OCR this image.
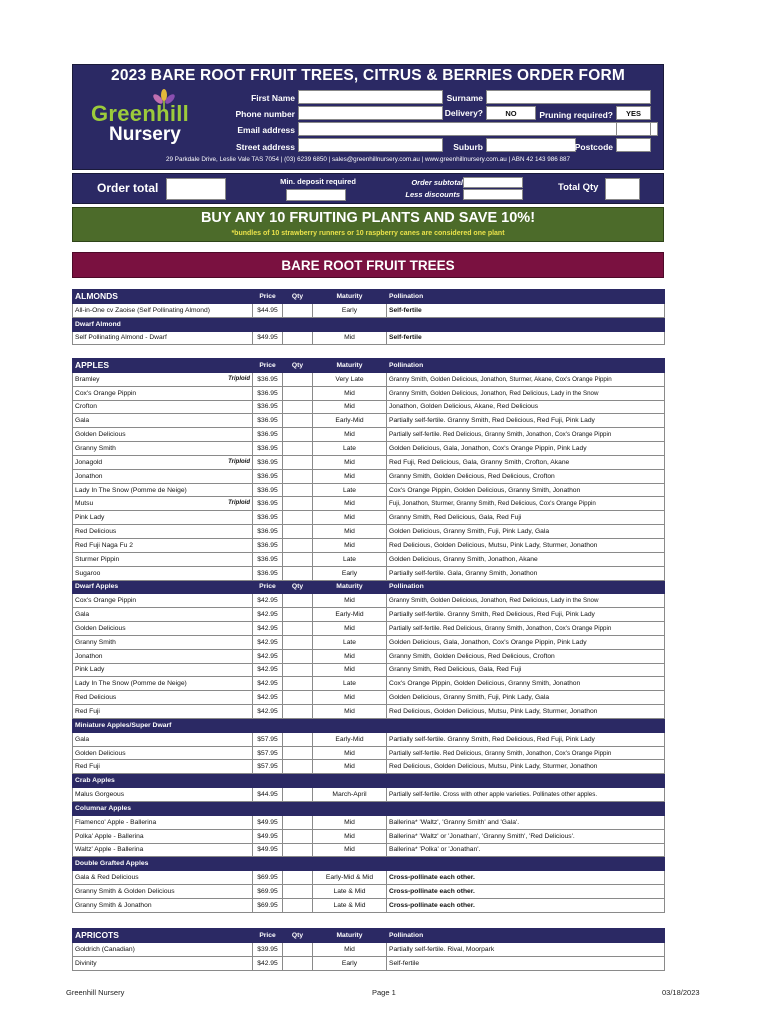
2023 BARE ROOT FRUIT TREES, CITRUS & BERRIES ORDER FORM
Greenhill
Nursery
First Name
Phone number
Email address
Street address
Surname
Delivery?	NO	Pruning required?	YES
*Terms & conditions?
Suburb	Postcode
29 Parkdale Drive, Leslie Vale TAS 7054 | (03) 6239 6850 | sales@greenhillnursery.com.au | www.greenhillnursery.com.au | ABN 42 143 986 887
Order total	Min. deposit required	Order subtotal
Less discounts
Total Qty
BUY ANY 10 FRUITING PLANTS AND SAVE 10%!
*bundles of 10 strawberry runners or 10 raspberry canes are considered one plant
BARE ROOT FRUIT TREES
ALMONDS	Price	Qty	Maturity	Pollination
All-in-One cv Zaoise (Self Pollinating Almond)	$44.95		Early	Self-fertile
Dwarf Almond				
Self Pollinating Almond - Dwarf	$49.95		Mid	Self-fertile
APPLES	Price	Qty	Maturity	Pollination
Bramley Triploid	$36.95		Very Late	Granny Smith, Golden Delicious, Jonathon, Sturmer, Akane, Cox's Orange Pippin
Cox's Orange Pippin	$36.95		Mid	Granny Smith, Golden Delicious, Jonathon, Red Delicious, Lady in the Snow
Crofton	$36.95		Mid	Jonathon, Golden Delicious, Akane, Red Delicious
Gala	$36.95		Early-Mid	Partially self-fertile. Granny Smith, Red Delicious, Red Fuji, Pink Lady
Golden Delicious	$36.95		Mid	Partially self-fertile. Red Delicious, Granny Smith, Jonathon, Cox's Orange Pippin
Granny Smith	$36.95		Late	Golden Delicious, Gala, Jonathon, Cox's Orange Pippin, Pink Lady
Jonagold Triploid	$36.95		Mid	Red Fuji, Red Delicious, Gala, Granny Smith, Crofton, Akane
Jonathon	$36.95		Mid	Granny Smith, Golden Delicious, Red Delicious, Crofton
Lady In The Snow (Pomme de Neige)	$36.95		Late	Cox's Orange Pippin, Golden Delicious, Granny Smith, Jonathon
Mutsu Triploid	$36.95		Mid	Fuji, Jonathon, Sturmer, Granny Smith, Red Delicious, Cox's Orange Pippin
Pink Lady	$36.95		Mid	Granny Smith, Red Delicious, Gala, Red Fuji
Red Delicious	$36.95		Mid	Golden Delicious, Granny Smith, Fuji, Pink Lady, Gala
Red Fuji Naga Fu 2	$36.95		Mid	Red Delicious, Golden Delicious, Mutsu, Pink Lady, Sturmer, Jonathon
Sturmer Pippin	$36.95		Late	Golden Delicious, Granny Smith, Jonathon, Akane
Sugaroo	$36.95		Early	Partially self-fertile. Gala, Granny Smith, Jonathon
Dwarf Apples	Price	Qty	Maturity	Pollination
Cox's Orange Pippin	$42.95		Mid	Granny Smith, Golden Delicious, Jonathon, Red Delicious, Lady in the Snow
Gala	$42.95		Early-Mid	Partially self-fertile. Granny Smith, Red Delicious, Red Fuji, Pink Lady
Golden Delicious	$42.95		Mid	Partially self-fertile. Red Delicious, Granny Smith, Jonathon, Cox's Orange Pippin
Granny Smith	$42.95		Late	Golden Delicious, Gala, Jonathon, Cox's Orange Pippin, Pink Lady
Jonathon	$42.95		Mid	Granny Smith, Golden Delicious, Red Delicious, Crofton
Pink Lady	$42.95		Mid	Granny Smith, Red Delicious, Gala, Red Fuji
Lady In The Snow (Pomme de Neige)	$42.95		Late	Cox's Orange Pippin, Golden Delicious, Granny Smith, Jonathon
Red Delicious	$42.95		Mid	Golden Delicious, Granny Smith, Fuji, Pink Lady, Gala
Red Fuji	$42.95		Mid	Red Delicious, Golden Delicious, Mutsu, Pink Lady, Sturmer, Jonathon
Miniature Apples/Super Dwarf				
Gala	$57.95		Early-Mid	Partially self-fertile. Granny Smith, Red Delicious, Red Fuji, Pink Lady
Golden Delicious	$57.95		Mid	Partially self-fertile. Red Delicious, Granny Smith, Jonathon, Cox's Orange Pippin
Red Fuji	$57.95		Mid	Red Delicious, Golden Delicious, Mutsu, Pink Lady, Sturmer, Jonathon
Crab Apples				
Malus Gorgeous	$44.95		March-April	Partially self-fertile. Cross with other apple varieties. Pollinates other apples.
Columnar Apples				
Flamenco' Apple - Ballerina	$49.95		Mid	Ballerina* 'Waltz', 'Granny Smith' and 'Gala'.
Polka' Apple - Ballerina	$49.95		Mid	Ballerina* 'Waltz' or 'Jonathan', 'Granny Smith', 'Red Delicious'.
Waltz' Apple - Ballerina	$49.95		Mid	Ballerina* 'Polka' or 'Jonathan'.
Double Grafted Apples				
Gala & Red Delicious	$69.95		Early-Mid & Mid	Cross-pollinate each other.
Granny Smith & Golden Delicious	$69.95		Late & Mid	Cross-pollinate each other.
Granny Smith & Jonathon	$69.95		Late & Mid	Cross-pollinate each other.
APRICOTS	Price	Qty	Maturity	Pollination
Goldrich (Canadian)	$39.95		Mid	Partially self-fertile. Rival, Moorpark
Divinity	$42.95		Early	Self-fertile
Greenhill Nursery	Page 1	03/18/2023
